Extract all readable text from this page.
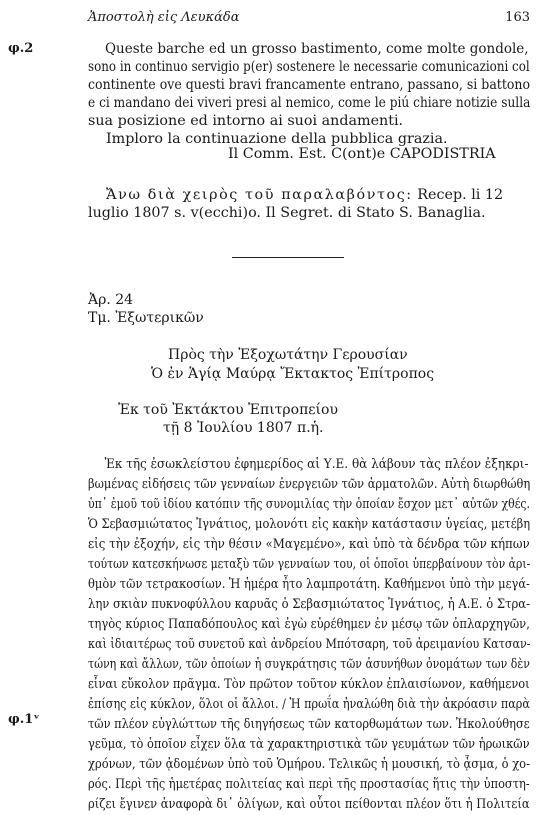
Ἀποστολὴ εἰς Λευκάδα	163
φ.2
φ.1ᵛ
Queste barche ed un grosso bastimento, come molte gondole,
sono in continuo servigio p(er) sostenere le necessarie comunicazioni col
continente ove questi bravi francamente entrano, passano, si battono
e ci mandano dei viveri presi al nemico, come le piú chiare notizie sulla
sua posizione ed intorno ai suoi andamenti.
Imploro la continuazione della pubblica grazia.
Il Comm. Est. C(ont)e CAPODISTRIA
Ἄνω διὰ χειρὸς τοῦ παραλαβόντος: Recep. li 12
luglio 1807 s. v(ecchi)o. Il Segret. di Stato S. Banaglia.
Ἀρ. 24
Τμ. Ἐξωτερικῶν
Πρὸς τὴν Ἐξοχωτάτην Γερουσίαν
Ὁ ἐν Ἁγίᾳ Μαύρᾳ Ἔκτακτος Ἐπίτροπος
Ἐκ τοῦ Ἐκτάκτου Ἐπιτροπείου
τῇ 8 Ἰουλίου 1807 π.ἡ.
Ἐκ τῆς ἐσωκλείστου ἐφημερίδος αἱ Υ.Ε. θὰ λάβουν τὰς πλέον ἐξηκρι-
βωμένας εἰδήσεις τῶν γενναίων ἐνεργειῶν τῶν ἀρματολῶν. Αὐτὴ διωρθώθη
ὑπ᾽ ἐμοῦ τοῦ ἰδίου κατόπιν τῆς συνομιλίας τὴν ὁποίαν ἔσχον μετ᾽ αὐτῶν χθές.
Ὁ Σεβασμιώτατος Ἰγνάτιος, μολονότι εἰς κακὴν κατάστασιν ὑγείας, μετέβη
εἰς τὴν ἐξοχήν, εἰς τὴν θέσιν «Μαγεμένο», καὶ ὑπὸ τὰ δένδρα τῶν κήπων
τούτων κατεσκήνωσε μεταξὺ τῶν γενναίων του, οἱ ὁποῖοι ὑπερβαίνουν τὸν ἀρι-
θμὸν τῶν τετρακοσίων. Ἡ ἡμέρα ἦτο λαμπροτάτη. Καθήμενοι ὑπὸ τὴν μεγά-
λην σκιὰν πυκνοφύλλου καρυᾶς ὁ Σεβασμιώτατος Ἰγνάτιος, ἡ Α.Ε. ὁ Στρα-
τηγὸς κύριος Παπαδόπουλος καὶ ἐγὼ εὑρέθημεν ἐν μέσῳ τῶν ὀπλαρχηγῶν,
καὶ ἰδιαιτέρως τοῦ συνετοῦ καὶ ἀνδρείου Μπότσαρη, τοῦ ἀρειμανίου Κατσαν-
τώνη καὶ ἄλλων, τῶν ὁποίων ἡ συγκράτησις τῶν ἀσυνήθων ὀνομάτων των δὲν
εἶναι εὔκολον πρᾶγμα. Τὸν πρῶτον τοῦτον κύκλον ἐπλαισίωνον, καθήμενοι
ἐπίσης εἰς κύκλον, ὅλοι οἱ ἄλλοι. / Ἡ πρωΐα ἠναλώθη διὰ τὴν ἀκρόασιν παρὰ
τῶν πλέον εὐγλώττων τῆς διηγήσεως τῶν κατορθωμάτων των. Ἠκολούθησε
γεῦμα, τὸ ὁποῖον εἶχεν ὅλα τὰ χαρακτηριστικὰ τῶν γευμάτων τῶν ἡρωικῶν
χρόνων, τῶν ᾀδομένων ὑπὸ τοῦ Ὁμήρου. Τελικῶς ἡ μουσική, τὸ ᾆσμα, ὁ χο-
ρός. Περὶ τῆς ἡμετέρας πολιτείας καὶ περὶ τῆς προστασίας ἥτις τὴν ὑποστη-
ρίζει ἔγινεν ἀναφορὰ δι᾽ ὀλίγων, καὶ οὗτοι πείθονται πλέον ὅτι ἡ Πολιτεία
